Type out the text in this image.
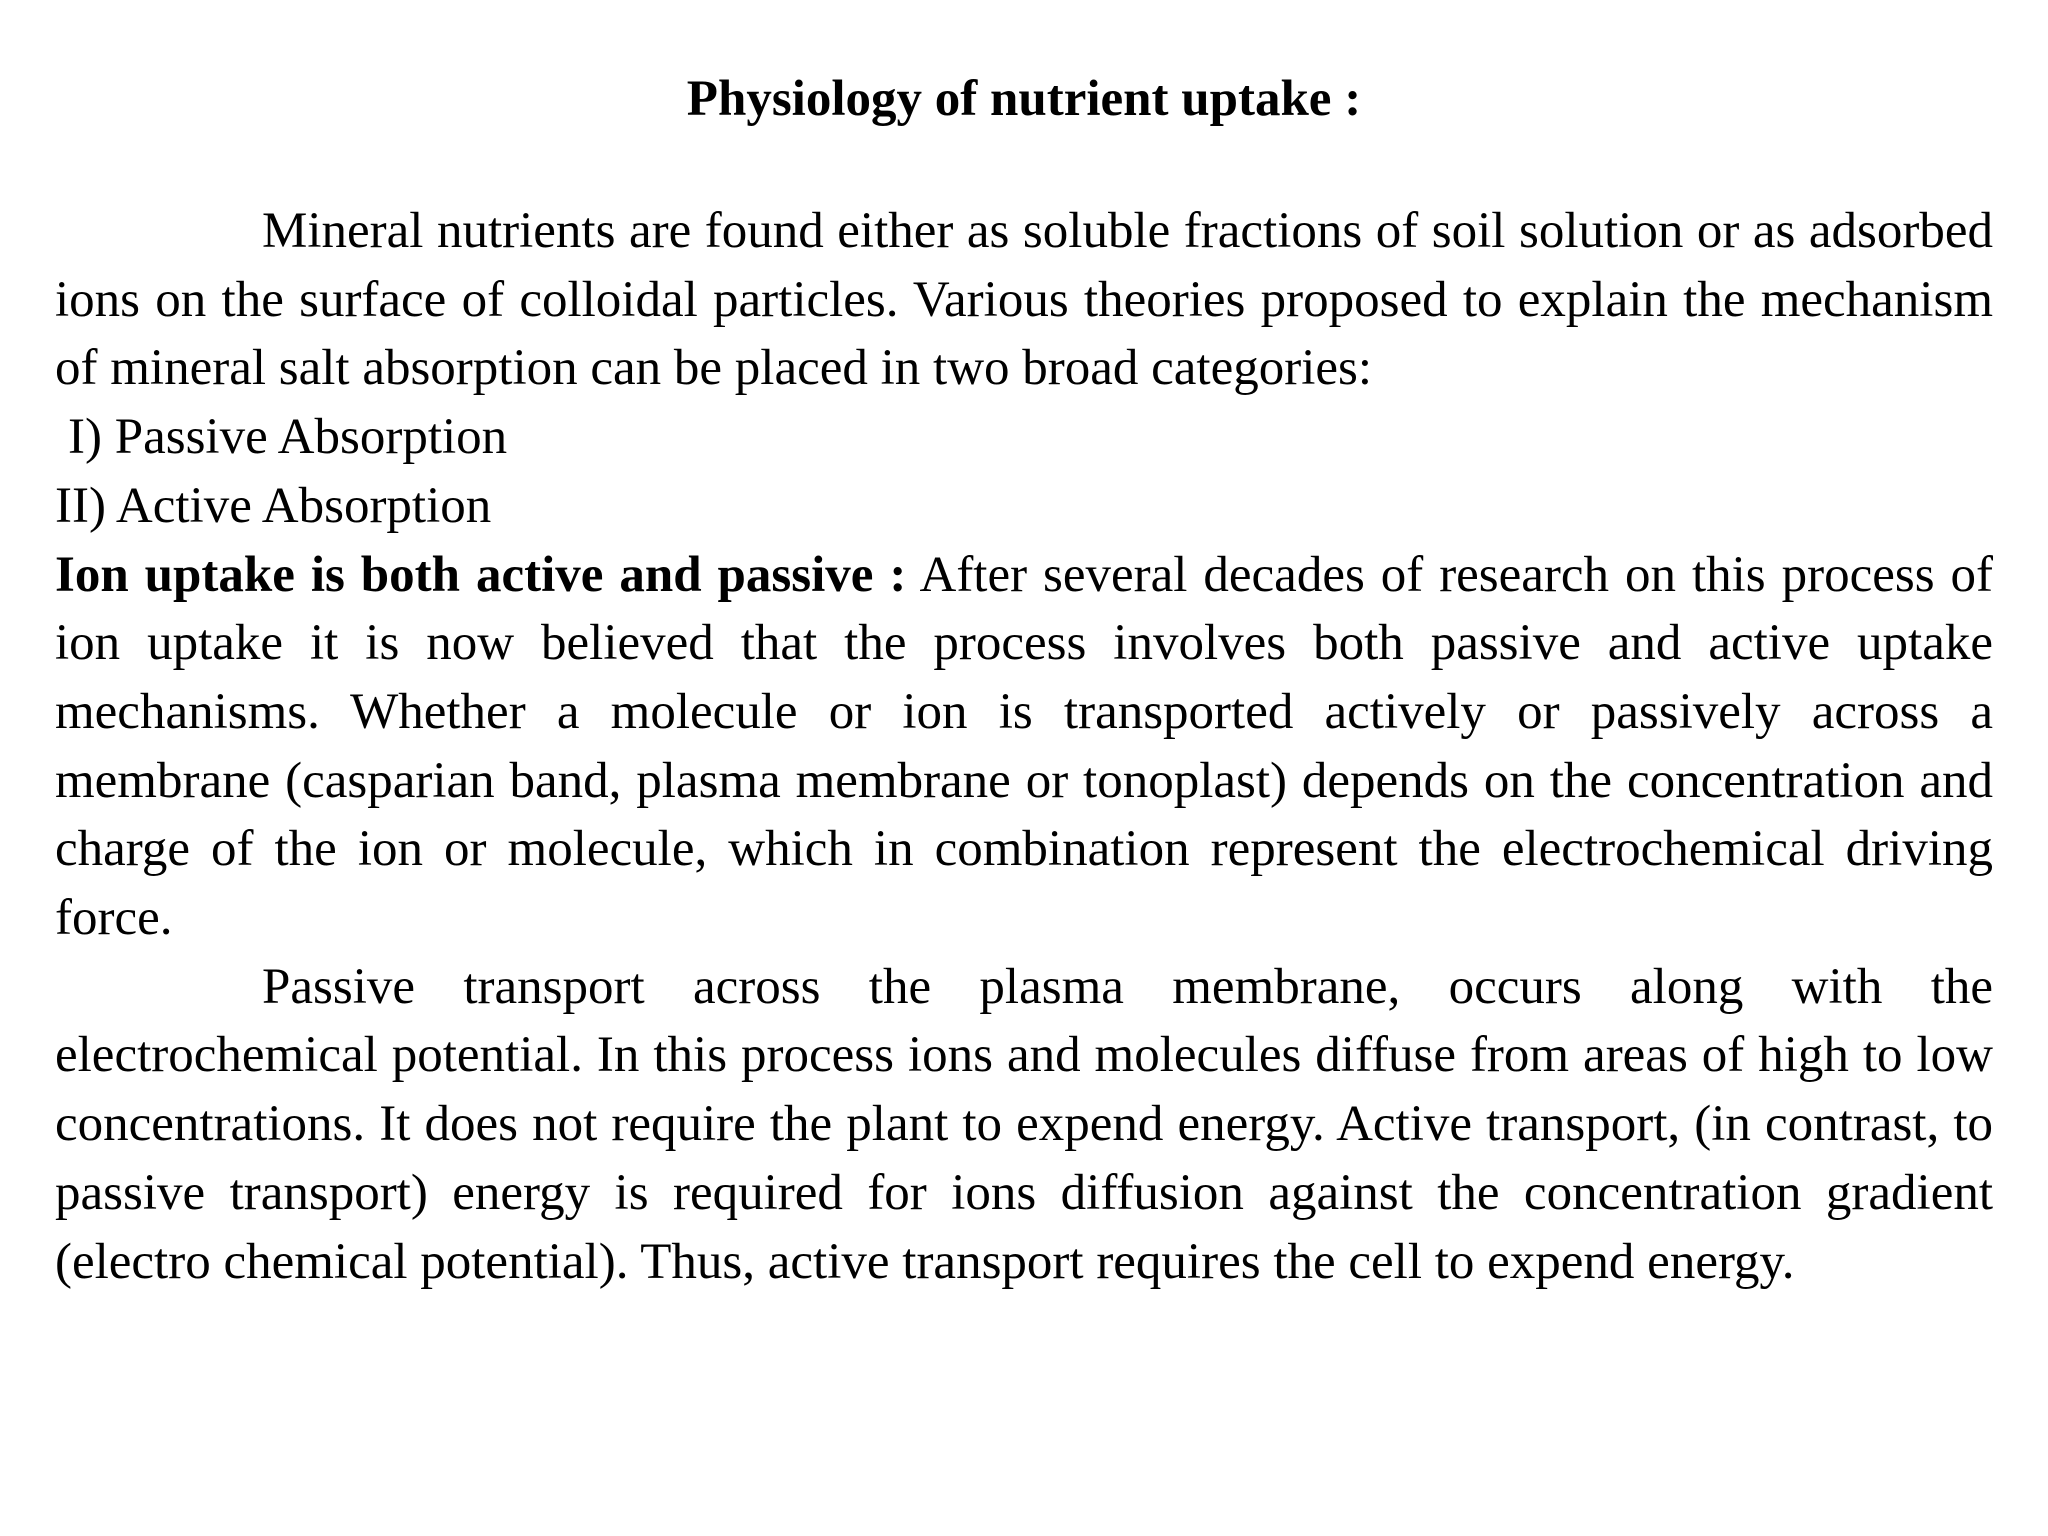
Physiology of nutrient uptake :

Mineral nutrients are found either as soluble fractions of soil solution or as adsorbed ions on the surface of colloidal particles. Various theories proposed to explain the mechanism of mineral salt absorption can be placed in two broad categories:

I) Passive Absorption

II) Active Absorption

Ion uptake is both active and passive : After several decades of research on this process of ion uptake it is now believed that the process involves both passive and active uptake mechanisms. Whether a molecule or ion is transported actively or passively across a membrane (casparian band, plasma membrane or tonoplast) depends on the concentration and charge of the ion or molecule, which in combination represent the electrochemical driving force.

Passive transport across the plasma membrane, occurs along with the electrochemical potential. In this process ions and molecules diffuse from areas of high to low concentrations. It does not require the plant to expend energy. Active transport, (in contrast, to passive transport) energy is required for ions diffusion against the concentration gradient (electro chemical potential). Thus, active transport requires the cell to expend energy.
